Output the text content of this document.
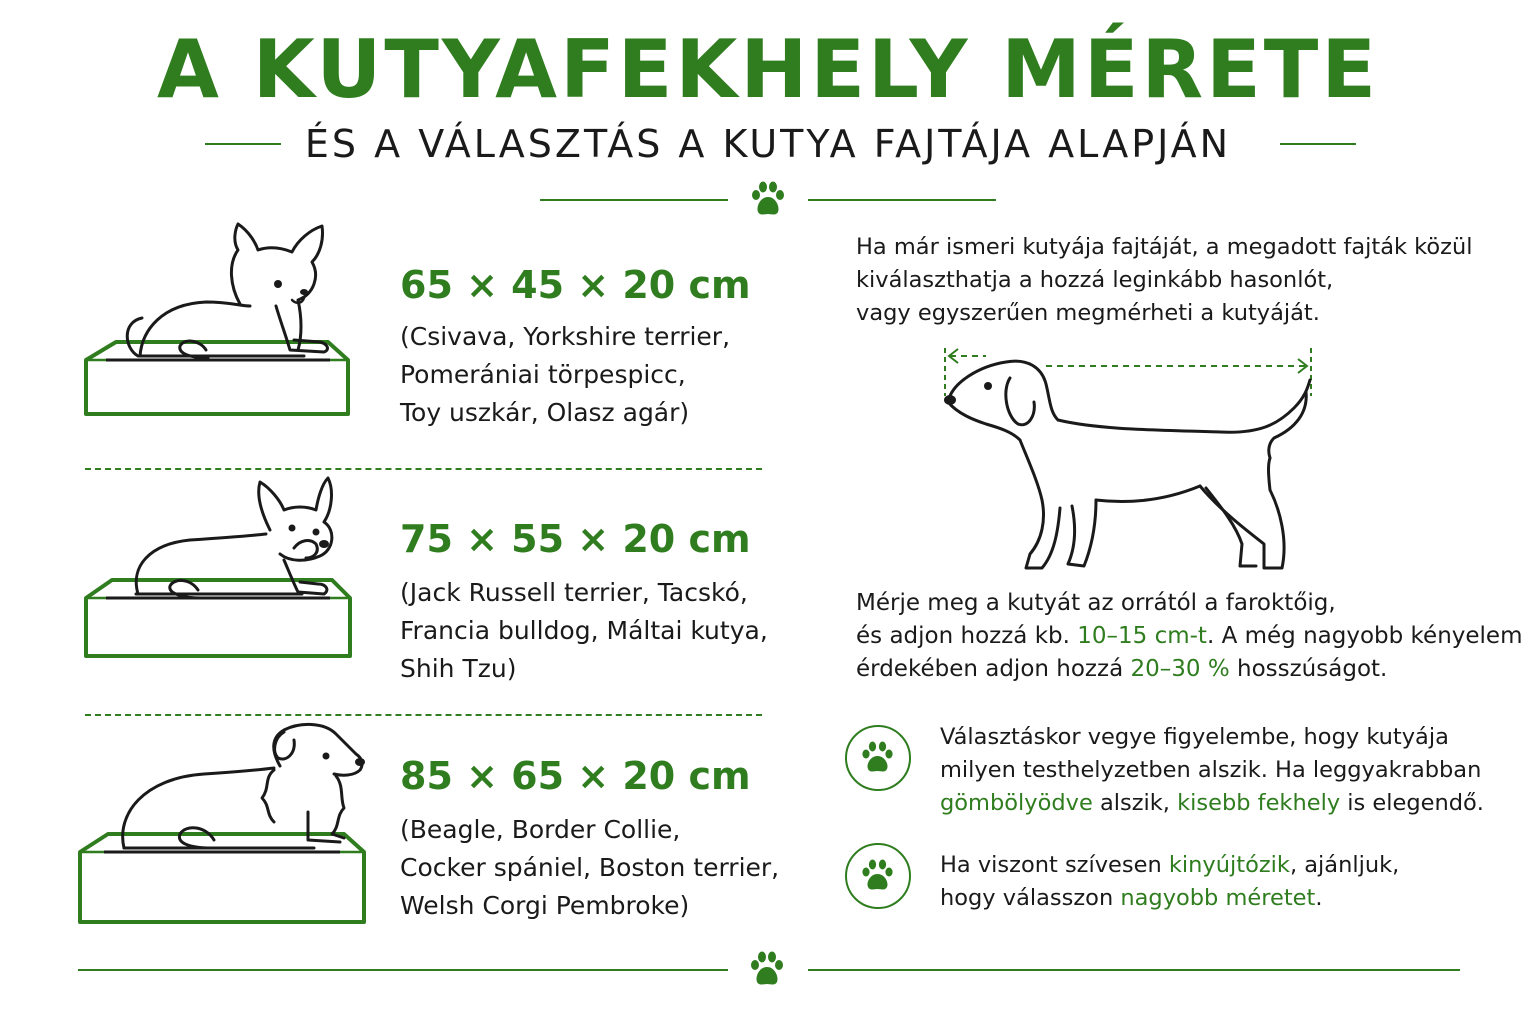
A KUTYAFEKHELY MÉRETE
ÉS A VÁLASZTÁS A KUTYA FAJTÁJA ALAPJÁN
65 × 45 × 20 cm
(Csivava, Yorkshire terrier,
Pomerániai törpespicc,
Toy uszkár, Olasz agár)
75 × 55 × 20 cm
(Jack Russell terrier, Tacskó,
Francia bulldog, Máltai kutya,
Shih Tzu)
85 × 65 × 20 cm
(Beagle, Border Collie,
Cocker spániel, Boston terrier,
Welsh Corgi Pembroke)
Ha már ismeri kutyája fajtáját, a megadott fajták közül
kiválaszthatja a hozzá leginkább hasonlót,
vagy egyszerűen megmérheti a kutyáját.
Mérje meg a kutyát az orrától a faroktőig,
és adjon hozzá kb. 10–15 cm-t. A még nagyobb kényelem
érdekében adjon hozzá 20–30 % hosszúságot.
Választáskor vegye figyelembe, hogy kutyája
milyen testhelyzetben alszik. Ha leggyakrabban
gömbölyödve alszik, kisebb fekhely is elegendő.
Ha viszont szívesen kinyújtózik, ajánljuk,
hogy válasszon nagyobb méretet.
